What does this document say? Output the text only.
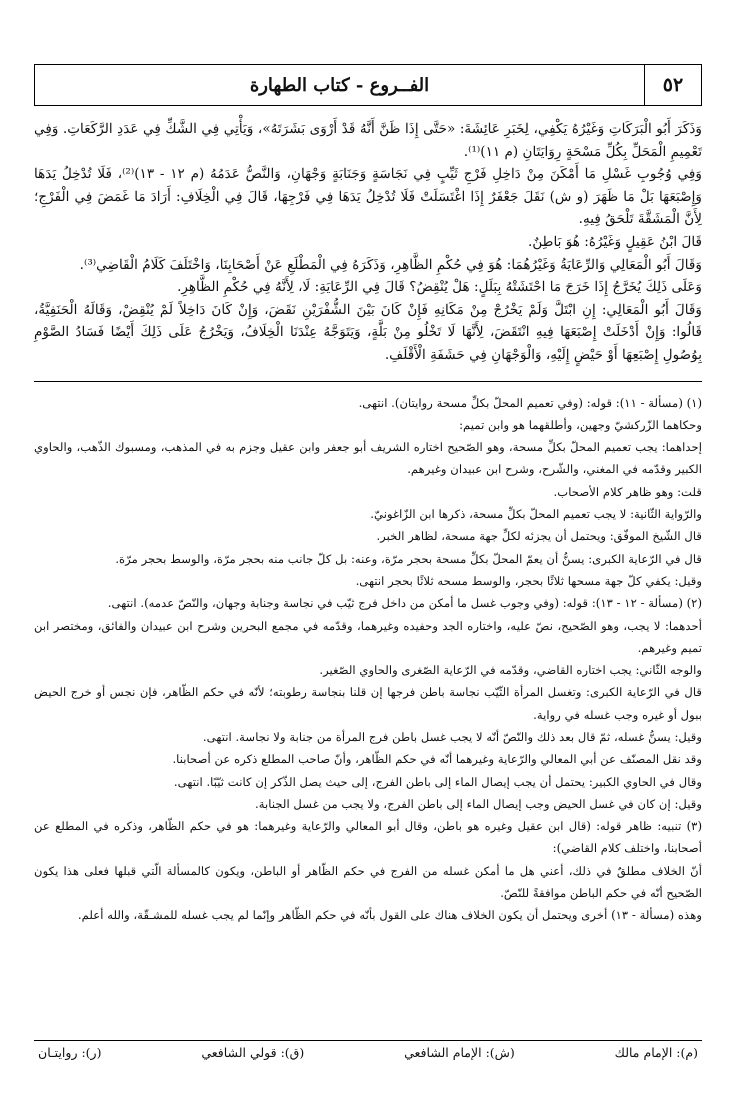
٥٢
الفــروع - كتاب الطهارة

وَذَكَرَ أَبُو الْبَرَكَاتِ وَغَيْرُهُ يَكْفِي، لِخَبَرِ عَائِشَةَ: «حَتَّى إِذَا ظَنَّ أَنَّهُ قَدْ أَرْوَى بَشَرَتَهُ»، وَيَأْتِي فِي الشَّكِّ فِي عَدَدِ الرَّكَعَاتِ. وَفِي تَعْمِيمِ الْمَحَلِّ بِكُلِّ مَسْحَةٍ رِوَايَتَانِ (م ١١)⁽¹⁾.

وَفِي وُجُوبِ غَسْلِ مَا أَمْكَنَ مِنْ دَاخِلِ فَرْجِ ثَيِّبٍ فِي نَجَاسَةٍ وَجَنَابَةٍ وَجْهَانِ، وَالنَّصُّ عَدَمُهُ (م ١٢ - ١٣)⁽²⁾، فَلَا تُدْخِلُ يَدَهَا وَإِصْبَعَهَا بَلْ مَا ظَهَرَ (و ش) نَقَلَ جَعْفَرٌ إِذَا اغْتَسَلَتْ فَلَا تُدْخِلُ يَدَهَا فِي فَرْجِهَا، قَالَ فِي الْخِلَافِ: أَرَادَ مَا غَمَضَ فِي الْفَرْجِ؛ لِأَنَّ الْمَشَقَّةَ تَلْحَقُ فِيهِ.

قَالَ ابْنُ عَقِيلٍ وَغَيْرُهُ: هُوَ بَاطِنٌ.

وَقَالَ أَبُو الْمَعَالِي وَالرِّعَايَةُ وَغَيْرُهُمَا: هُوَ فِي حُكْمِ الظَّاهِرِ، وَذَكَرَهُ فِي الْمَطْلَعِ عَنْ أَصْحَابِنَا، وَاخْتَلَفَ كَلَامُ الْقَاضِي⁽³⁾.

وَعَلَى ذَلِكَ يُخَرَّجُ إِذَا خَرَجَ مَا احْتَشَتْهُ بِبَلَلٍ: هَلْ يُنْقِضُ؟ قَالَ فِي الرِّعَايَةِ: لَا، لِأَنَّهُ فِي حُكْمِ الظَّاهِرِ.

وَقَالَ أَبُو الْمَعَالِي: إِنِ ابْتَلَّ وَلَمْ يَخْرُجْ مِنْ مَكَانِهِ فَإِنْ كَانَ بَيْنَ الشُّفْرَيْنِ نَقَضَ، وَإِنْ كَانَ دَاخِلاً لَمْ يُنْقِضْ، وَقَالَهُ الْحَنَفِيَّةُ، قَالُوا: وَإِنْ أَدْخَلَتْ إِصْبَعَهَا فِيهِ انْتَقَضَ، لِأَنَّهَا لَا تَخْلُو مِنْ بَلَّةٍ، وَيَتَوَجَّهُ عِنْدَنَا الْخِلَافُ، وَيَخْرُجُ عَلَى ذَلِكَ أَيْضًا فَسَادُ الصَّوْمِ بِوُصُولِ إِصْبَعِهَا أَوْ حَيْضٍ إِلَيْهِ، وَالْوَجْهَانِ فِي حَشَفَةِ الْأَقْلَفِ.

(١) (مسألة - ١١): قوله: (وفي تعميم المحلّ بكلِّ مسحة روايتان). انتهى.

وحكاهما الزّركشيّ وجهين، وأطلقهما هو وابن تميم:

إحداهما: يجب تعميم المحلّ بكلِّ مسحة، وهو الصّحيح اختاره الشريف أبو جعفر وابن عقيل وجزم به في المذهب، ومسبوك الذّهب، والحاوي الكبير وقدّمه في المغني، والشّرح، وشرح ابن عبيدان وغيرهم.

قلت: وهو ظاهر كلام الأصحاب.

والرّواية الثّانية: لا يجب تعميم المحلّ بكلِّ مسحة، ذكرها ابن الزّاغونيّ.

قال الشّيخ الموفّق: ويحتمل أن يجزئه لكلِّ جهة مسحة، لظاهر الخبر.

قال في الرّعاية الكبرى: يسنُّ أن يعمّ المحلّ بكلِّ مسحة بحجر مرّة، وعنه: بل كلّ جانب منه بحجر مرّة، والوسط بحجر مرّة.

وقيل: يكفي كلّ جهة مسحها ثلاثًا بحجر، والوسط مسحه ثلاثًا بحجر انتهى.

(٢) (مسألة - ١٢ - ١٣): قوله: (وفي وجوب غسل ما أمكن من داخل فرج ثيّب في نجاسة وجنابة وجهان، والنّصّ عدمه). انتهى.

أحدهما: لا يجب، وهو الصّحيح، نصّ عليه، واختاره الجد وحفيده وغيرهما، وقدّمه في مجمع البحرين وشرح ابن عبيدان والفائق، ومختصر ابن تميم وغيرهم.

والوجه الثّاني: يجب اختاره القاضي، وقدّمه في الرّعاية الصّغرى والحاوي الصّغير.

قال في الرّعاية الكبرى: وتغسل المرأة الثّيّب نجاسة باطن فرجها إن قلنا بنجاسة رطوبته؛ لأنّه في حكم الظّاهر، فإن نجس أو خرج الحيض ببول أو غيره وجب غسله في رواية.

وقيل: يسنُّ غسله، ثمّ قال بعد ذلك والنّصّ أنّه لا يجب غسل باطن فرج المرأة من جنابة ولا نجاسة. انتهى.

وقد نقل المصنّف عن أبي المعالي والرّعاية وغيرهما أنّه في حكم الظّاهر، وأنّ صاحب المطلع ذكره عن أصحابنا.

وقال في الحاوي الكبير: يحتمل أن يجب إيصال الماء إلى باطن الفرج، إلى حيث يصل الذّكر إن كانت ثيّبًا. انتهى.

وقيل: إن كان في غسل الحيض وجب إيصال الماء إلى باطن الفرج، ولا يجب من غسل الجنابة.

(٣) تنبيه: ظاهر قوله: (قال ابن عقيل وغيره هو باطن، وقال أبو المعالي والرّعاية وغيرهما: هو في حكم الظّاهر، وذكره في المطلع عن أصحابنا، واختلف كلام القاضي):

أنّ الخلاف مطلقٌ في ذلك، أعني هل ما أمكن غسله من الفرج في حكم الظّاهر أو الباطن، ويكون كالمسألة الّتي قبلها فعلى هذا يكون الصّحيح أنّه في حكم الباطن موافقةً للنّصّ.

وهذه (مسألة - ١٣) أخرى ويحتمل أن يكون الخلاف هناك على القول بأنّه في حكم الظّاهر وإنّما لم يجب غسله للمشـقّة، والله أعلم.

(م): الإمام مالك
(ش): الإمام الشافعي
(ق): قولي الشافعي
(ر): روايتـان
